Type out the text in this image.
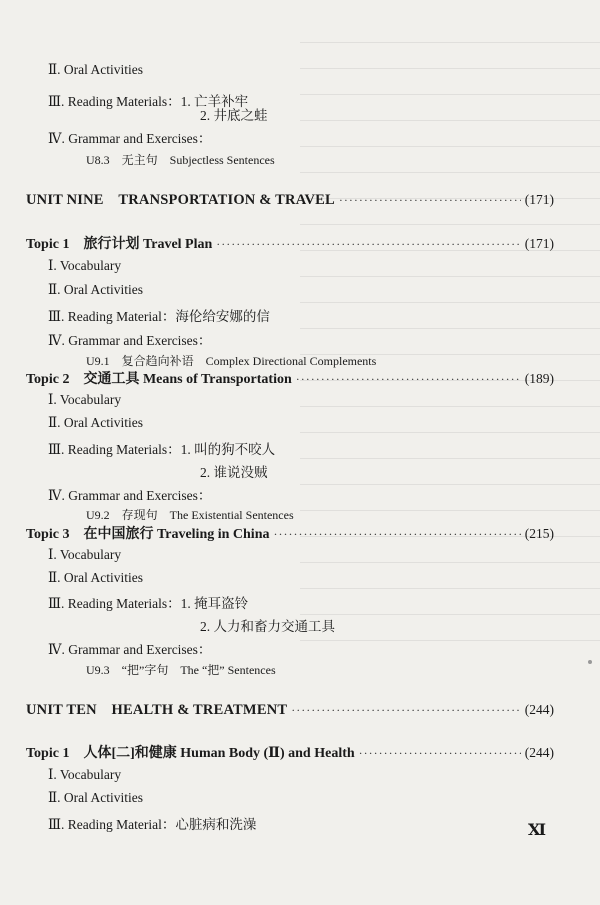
Ⅱ. Oral Activities
Ⅲ. Reading Materials：1. 亡羊补牢
2. 井底之蛙
Ⅳ. Grammar and Exercises：
U8.3　无主句　Subjectless Sentences
UNIT NINE　TRANSPORTATION & TRAVEL ·····	(171)
Topic 1　旅行计划 Travel Plan ·····	(171)
Ⅰ. Vocabulary
Ⅱ. Oral Activities
Ⅲ. Reading Material：海伦给安娜的信
Ⅳ. Grammar and Exercises：
U9.1　复合趋向补语　Complex Directional Complements
Topic 2　交通工具 Means of Transportation ·····	(189)
Ⅰ. Vocabulary
Ⅱ. Oral Activities
Ⅲ. Reading Materials：1. 叫的狗不咬人
2. 谁说没贼
Ⅳ. Grammar and Exercises：
U9.2　存现句　The Existential Sentences
Topic 3　在中国旅行 Traveling in China ·····	(215)
Ⅰ. Vocabulary
Ⅱ. Oral Activities
Ⅲ. Reading Materials：1. 掩耳盗铃
2. 人力和畜力交通工具
Ⅳ. Grammar and Exercises：
U9.3　“把”字句　The “把” Sentences
UNIT TEN　HEALTH & TREATMENT ·····	(244)
Topic 1　人体[二]和健康 Human Body (Ⅱ) and Health ·····	(244)
Ⅰ. Vocabulary
Ⅱ. Oral Activities
Ⅲ. Reading Material：心脏病和洗澡	Ⅺ
